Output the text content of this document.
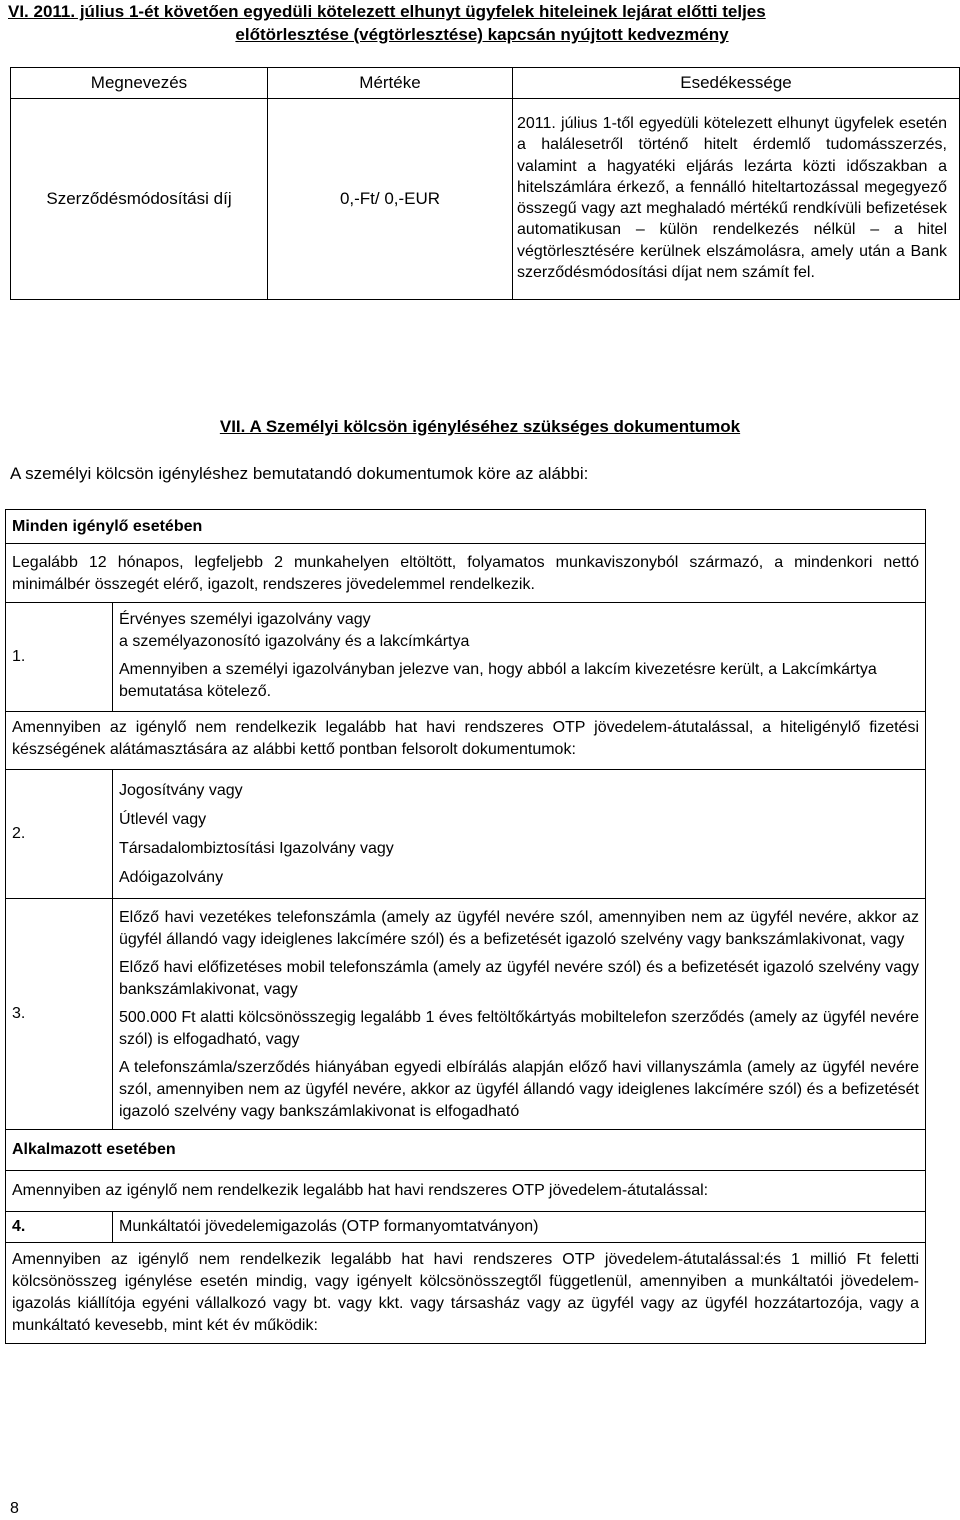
VI. 2011. július 1-ét követően egyedüli kötelezett elhunyt ügyfelek hiteleinek lejárat előtti teljes
előtörlesztése (végtörlesztése) kapcsán nyújtott kedvezmény
Megnevezés	Mértéke	Esedékessége
Szerződésmódosítási díj	0,-Ft/ 0,-EUR	2011. július 1-től egyedüli kötelezett elhunyt ügyfelek esetén a halálesetről történő hitelt érdemlő tudomásszerzés, valamint a hagyatéki eljárás lezárta közti időszakban a hitelszámlára érkező, a fennálló hiteltartozással megegyező összegű vagy azt meghaladó mértékű rendkívüli befizetések automatikusan – külön rendelkezés nélkül – a hitel végtörlesztésére kerülnek elszámolásra, amely után a Bank szerződésmódosítási díjat nem számít fel.
VII. A Személyi kölcsön igényléséhez szükséges dokumentumok
A személyi kölcsön igényléshez bemutatandó dokumentumok köre az alábbi:
Minden igénylő esetében	
Legalább 12 hónapos, legfeljebb 2 munkahelyen eltöltött, folyamatos munkaviszonyból származó, a mindenkori nettó minimálbér összegét elérő, igazolt, rendszeres jövedelemmel rendelkezik.	
1.	Érvényes személyi igazolvány vagy

a személyazonosító igazolvány és a lakcímkártya

Amennyiben a személyi igazolványban jelezve van, hogy abból a lakcím kivezetésre került, a Lakcímkártya bemutatása kötelező.

Amennyiben az igénylő nem rendelkezik legalább hat havi rendszeres OTP jövedelem-átutalással, a hiteligénylő fizetési készségének alátámasztására az alábbi kettő pontban felsorolt dokumentumok:	
2.	Jogosítvány vagy

Útlevél vagy

Társadalombiztosítási Igazolvány vagy

Adóigazolvány

3.	Előző havi vezetékes telefonszámla (amely az ügyfél nevére szól, amennyiben nem az ügyfél nevére, akkor az ügyfél állandó vagy ideiglenes lakcímére szól) és a befizetését igazoló szelvény vagy bankszámlakivonat, vagy

Előző havi előfizetéses mobil telefonszámla (amely az ügyfél nevére szól) és a befizetését igazoló szelvény vagy bankszámlakivonat, vagy

500.000 Ft alatti kölcsönösszegig legalább 1 éves feltöltőkártyás mobiltelefon szerződés (amely az ügyfél nevére szól) is elfogadható, vagy

A telefonszámla/szerződés hiányában egyedi elbírálás alapján előző havi villanyszámla (amely az ügyfél nevére szól, amennyiben nem az ügyfél nevére, akkor az ügyfél állandó vagy ideiglenes lakcímére szól) és a befizetését igazoló szelvény vagy bankszámlakivonat is elfogadható

Alkalmazott esetében	
Amennyiben az igénylő nem rendelkezik legalább hat havi rendszeres OTP jövedelem-átutalással:	
4.	Munkáltatói jövedelemigazolás (OTP formanyomtatványon)
Amennyiben az igénylő nem rendelkezik legalább hat havi rendszeres OTP jövedelem-átutalással:és 1 millió Ft feletti kölcsönösszeg igénylése esetén mindig, vagy igényelt kölcsönösszegtől függetlenül, amennyiben a munkáltatói jövedelem-igazolás kiállítója egyéni vállalkozó vagy bt. vagy kkt. vagy társasház vagy az ügyfél vagy az ügyfél hozzátartozója, vagy a munkáltató kevesebb, mint két év működik:	
8
